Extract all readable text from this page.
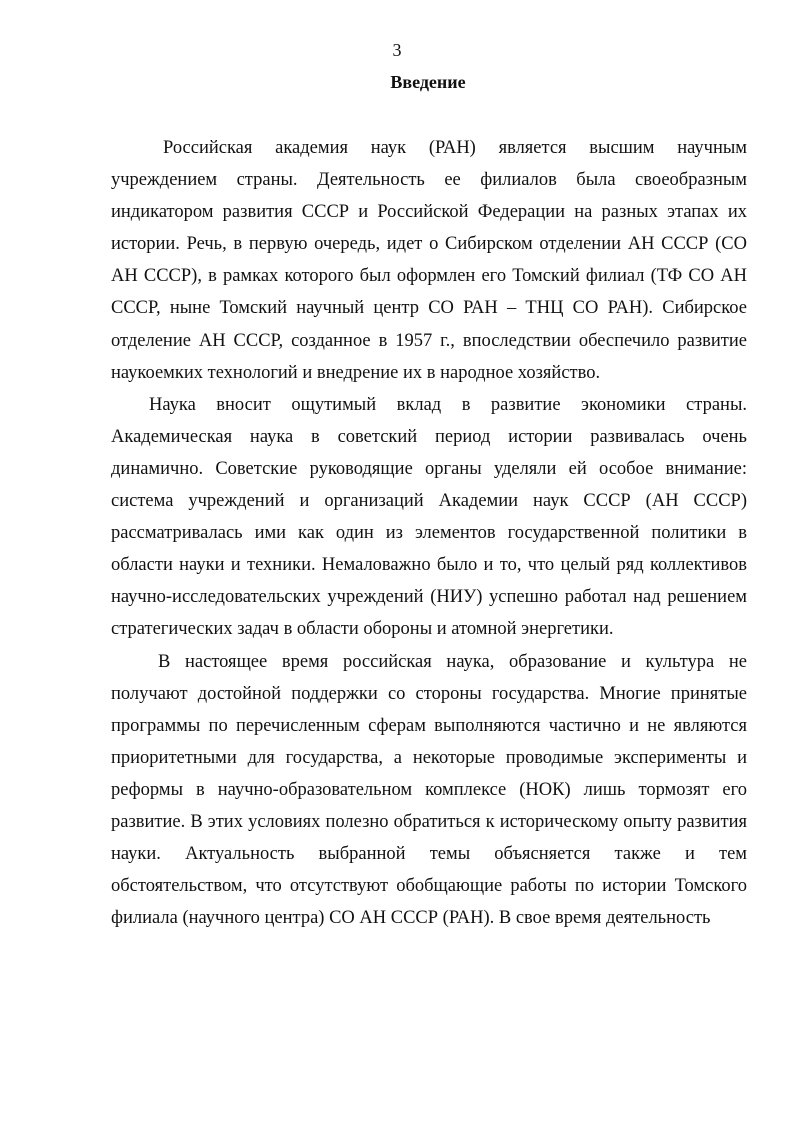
3
Введение

Российская академия наук (РАН) является высшим научным учреждением страны. Деятельность ее филиалов была своеобразным индикатором развития СССР и Российской Федерации на разных этапах их истории. Речь, в первую очередь, идет о Сибирском отделении АН СССР (СО АН СССР), в рамках которого был оформлен его Томский филиал (ТФ СО АН СССР, ныне Томский научный центр СО РАН – ТНЦ СО РАН). Сибирское отделение АН СССР, созданное в 1957 г., впоследствии обеспечило развитие наукоемких технологий и внедрение их в народное хозяйство.

Наука вносит ощутимый вклад в развитие экономики страны. Академическая наука в советский период истории развивалась очень динамично. Советские руководящие органы уделяли ей особое внимание: система учреждений и организаций Академии наук СССР (АН СССР) рассматривалась ими как один из элементов государственной политики в области науки и техники. Немаловажно было и то, что целый ряд коллективов научно-исследовательских учреждений (НИУ) успешно работал над решением стратегических задач в области обороны и атомной энергетики.

В настоящее время российская наука, образование и культура не получают достойной поддержки со стороны государства. Многие принятые программы по перечисленным сферам выполняются частично и не являются приоритетными для государства, а некоторые проводимые эксперименты и реформы в научно-образовательном комплексе (НОК) лишь тормозят его развитие. В этих условиях полезно обратиться к историческому опыту развития науки. Актуальность выбранной темы объясняется также и тем обстоятельством, что отсутствуют обобщающие работы по истории Томского филиала (научного центра) СО АН СССР (РАН). В свое время деятельность
